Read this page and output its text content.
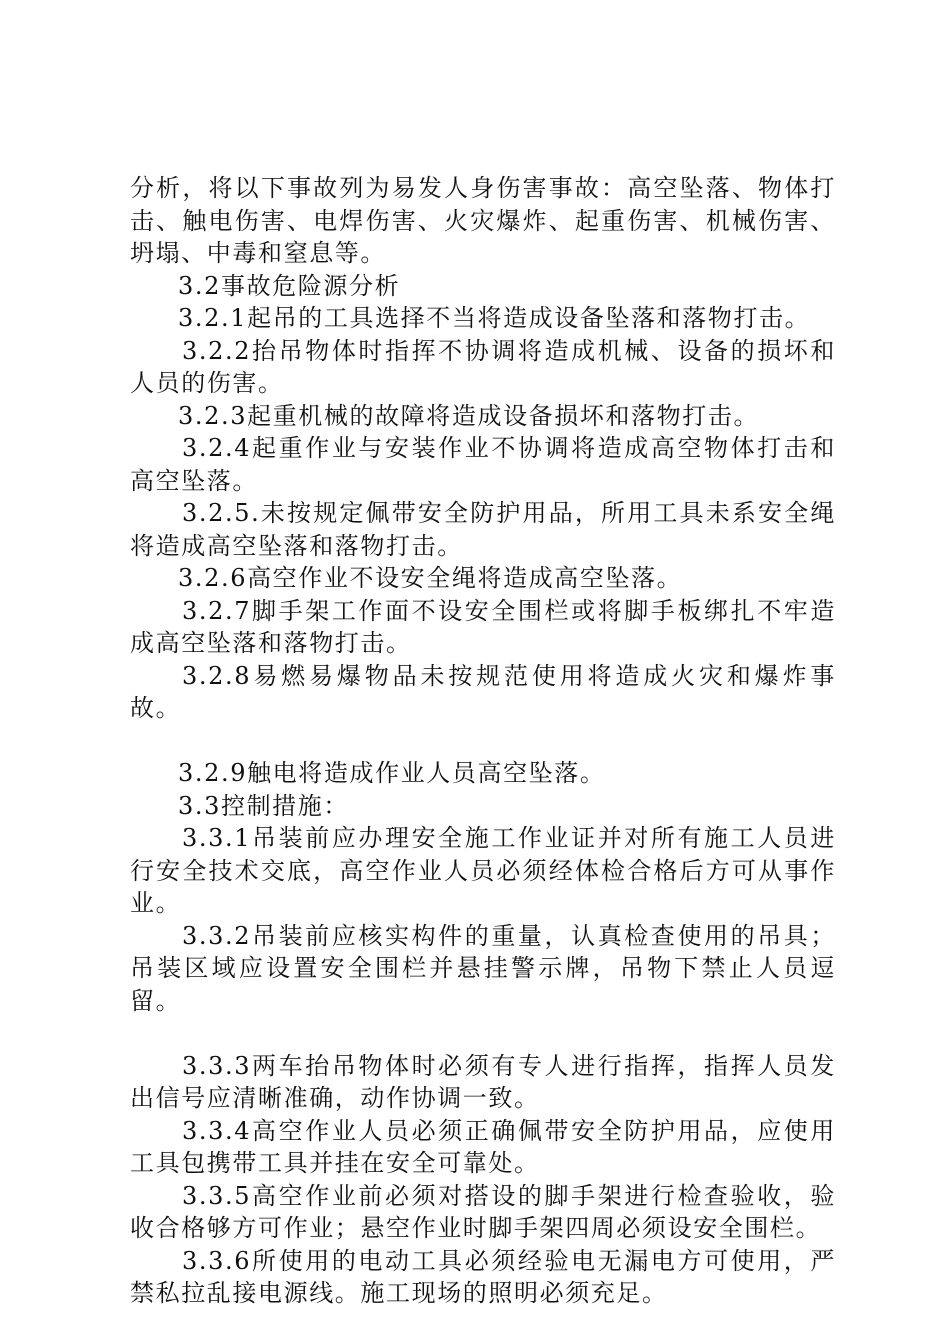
分析，将以下事故列为易发人身伤害事故：高空坠落、物体打击、触电伤害、电焊伤害、火灾爆炸、起重伤害、机械伤害、坍塌、中毒和窒息等。

3.2事故危险源分析

3.2.1起吊的工具选择不当将造成设备坠落和落物打击。

3.2.2抬吊物体时指挥不协调将造成机械、设备的损坏和人员的伤害。

3.2.3起重机械的故障将造成设备损坏和落物打击。

3.2.4起重作业与安装作业不协调将造成高空物体打击和高空坠落。

3.2.5.未按规定佩带安全防护用品，所用工具未系安全绳将造成高空坠落和落物打击。

3.2.6高空作业不设安全绳将造成高空坠落。

3.2.7脚手架工作面不设安全围栏或将脚手板绑扎不牢造成高空坠落和落物打击。

3.2.8易燃易爆物品未按规范使用将造成火灾和爆炸事故。

3.2.9触电将造成作业人员高空坠落。

3.3控制措施：

3.3.1吊装前应办理安全施工作业证并对所有施工人员进行安全技术交底，高空作业人员必须经体检合格后方可从事作业。

3.3.2吊装前应核实构件的重量，认真检查使用的吊具；吊装区域应设置安全围栏并悬挂警示牌，吊物下禁止人员逗留。

3.3.3两车抬吊物体时必须有专人进行指挥，指挥人员发出信号应清晰准确，动作协调一致。

3.3.4高空作业人员必须正确佩带安全防护用品，应使用工具包携带工具并挂在安全可靠处。

3.3.5高空作业前必须对搭设的脚手架进行检查验收，验收合格够方可作业；悬空作业时脚手架四周必须设安全围栏。

3.3.6所使用的电动工具必须经验电无漏电方可使用，严禁私拉乱接电源线。施工现场的照明必须充足。
